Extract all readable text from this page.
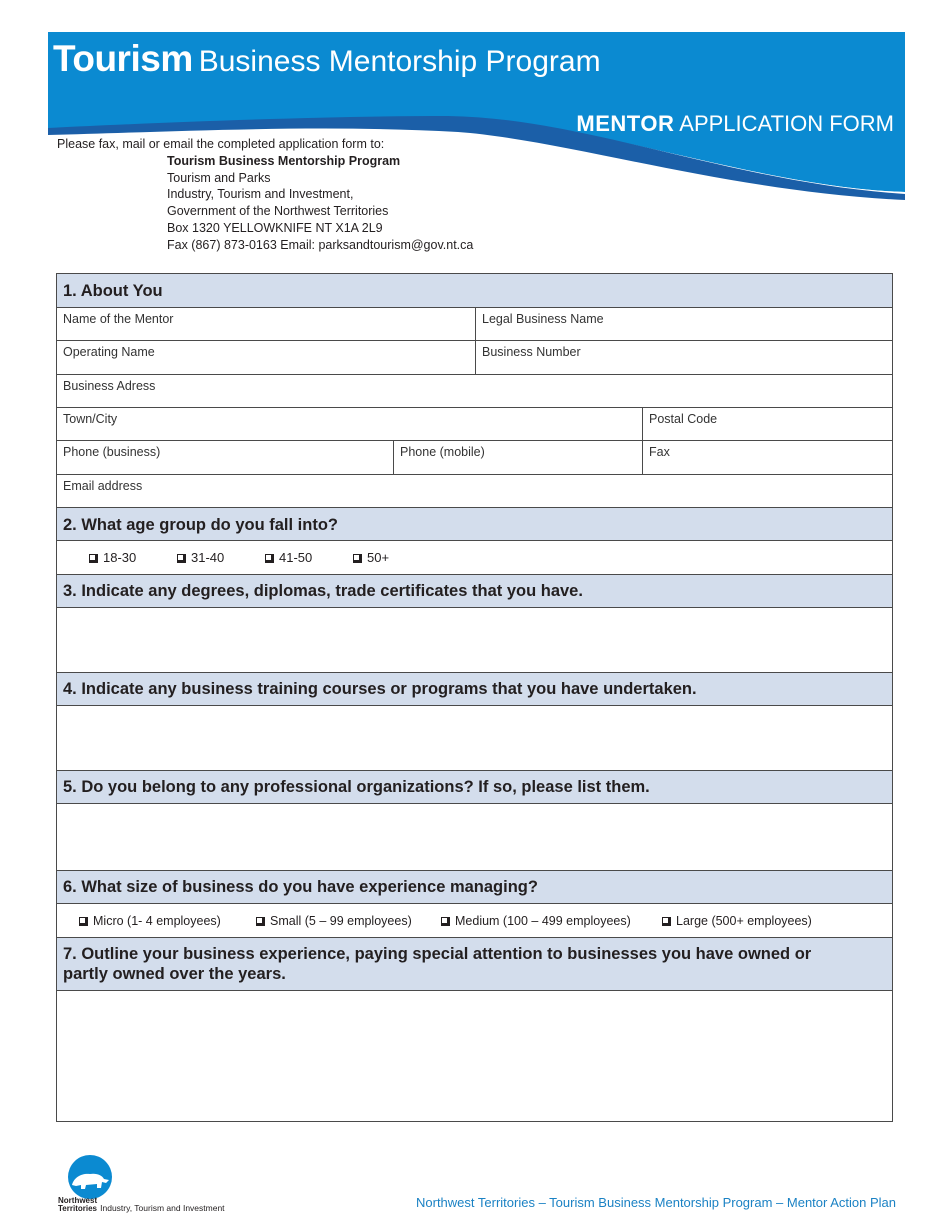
Tourism Business Mentorship Program
MENTOR APPLICATION FORM
Please fax, mail or email the completed application form to:
Tourism Business Mentorship Program
Tourism and Parks
Industry, Tourism and Investment,
Government of the Northwest Territories
Box 1320 YELLOWKNIFE NT X1A 2L9
Fax (867) 873-0163 Email: parksandtourism@gov.nt.ca
1. About You
Name of the Mentor	Legal Business Name
Operating Name	Business Number
Business Adress
Town/City	Postal Code
Phone (business)	Phone (mobile)	Fax
Email address
2. What age group do you fall into?
18-30	31-40	41-50	50+
3. Indicate any degrees, diplomas, trade certificates that you have.
4. Indicate any business training courses or programs that you have undertaken.
5. Do you belong to any professional organizations? If so, please list them.
6. What size of business do you have experience managing?
Micro (1- 4 employees)	Small (5 – 99 employees)	Medium (100 – 499 employees)	Large (500+ employees)
7. Outline your business experience, paying special attention to businesses you have owned or
partly owned over the years.
Northwest
Territories Industry, Tourism and Investment	Northwest Territories – Tourism Business Mentorship Program – Mentor Action Plan
